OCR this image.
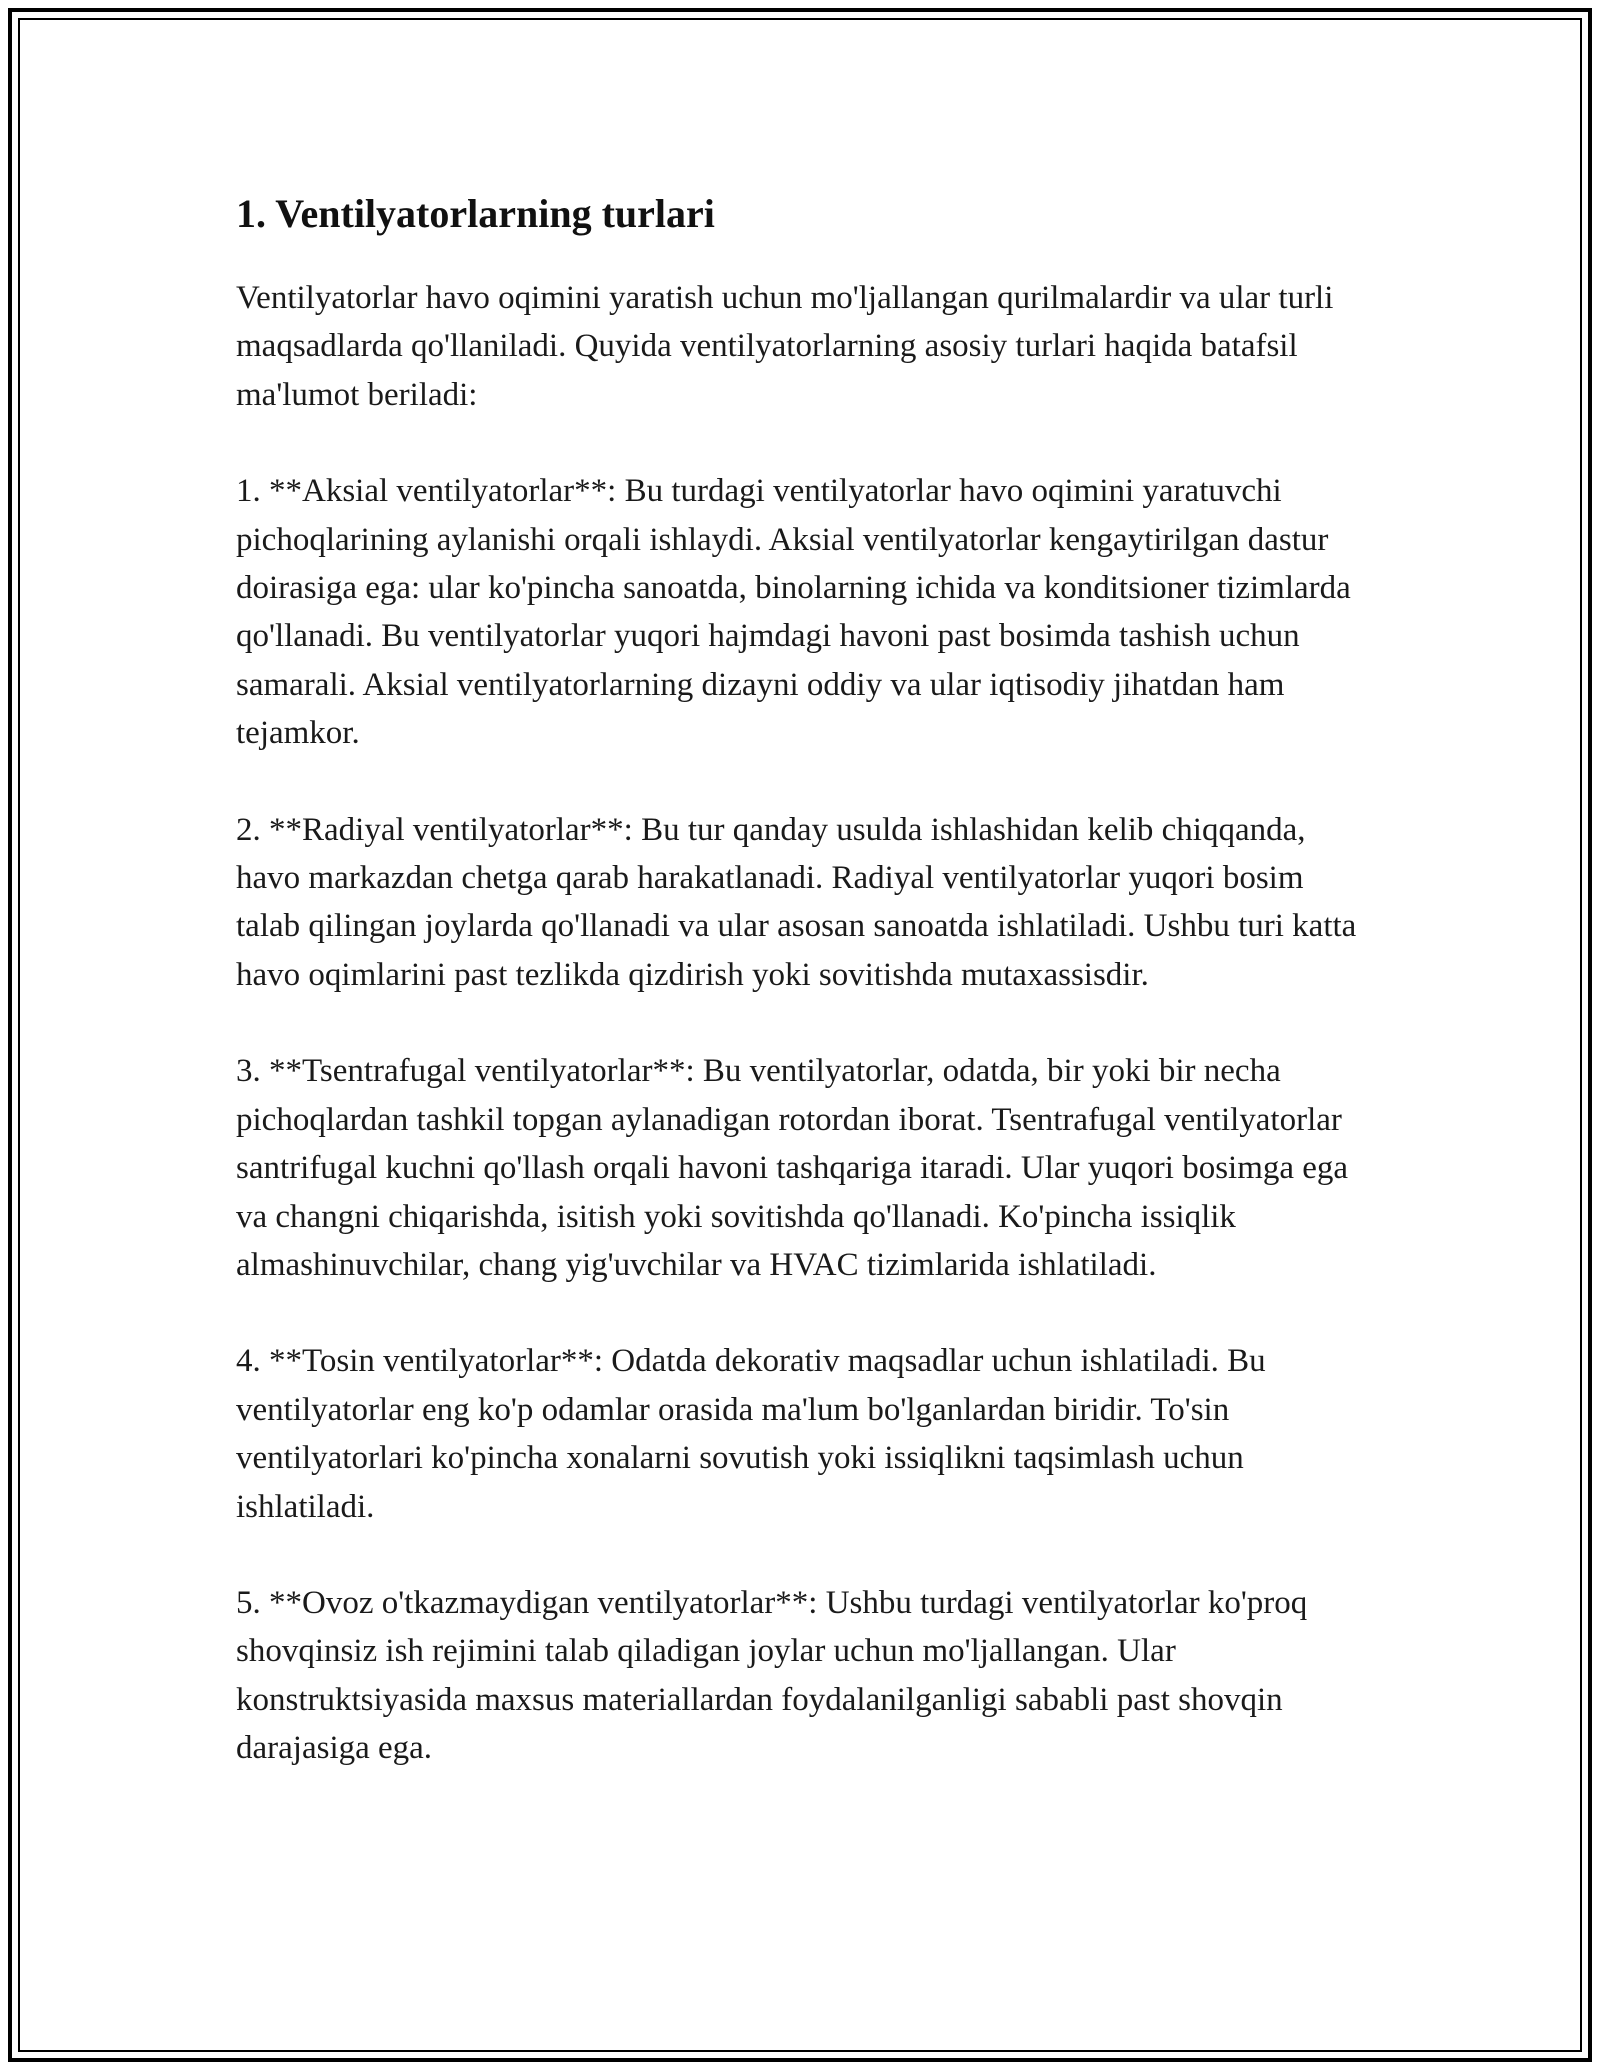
1. Ventilyatorlarning turlari

Ventilyatorlar havo oqimini yaratish uchun mo'ljallangan qurilmalardir va ular turli maqsadlarda qo'llaniladi. Quyida ventilyatorlarning asosiy turlari haqida batafsil ma'lumot beriladi:

1. **Aksial ventilyatorlar**: Bu turdagi ventilyatorlar havo oqimini yaratuvchi pichoqlarining aylanishi orqali ishlaydi. Aksial ventilyatorlar kengaytirilgan dastur doirasiga ega: ular ko'pincha sanoatda, binolarning ichida va konditsioner tizimlarda qo'llanadi. Bu ventilyatorlar yuqori hajmdagi havoni past bosimda tashish uchun samarali. Aksial ventilyatorlarning dizayni oddiy va ular iqtisodiy jihatdan ham tejamkor.

2. **Radiyal ventilyatorlar**: Bu tur qanday usulda ishlashidan kelib chiqqanda, havo markazdan chetga qarab harakatlanadi. Radiyal ventilyatorlar yuqori bosim talab qilingan joylarda qo'llanadi va ular asosan sanoatda ishlatiladi. Ushbu turi katta havo oqimlarini past tezlikda qizdirish yoki sovitishda mutaxassisdir.

3. **Tsentrafugal ventilyatorlar**: Bu ventilyatorlar, odatda, bir yoki bir necha pichoqlardan tashkil topgan aylanadigan rotordan iborat. Tsentrafugal ventilyatorlar santrifugal kuchni qo'llash orqali havoni tashqariga itaradi. Ular yuqori bosimga ega va changni chiqarishda, isitish yoki sovitishda qo'llanadi. Ko'pincha issiqlik almashinuvchilar, chang yig'uvchilar va HVAC tizimlarida ishlatiladi.

4. **Tosin ventilyatorlar**: Odatda dekorativ maqsadlar uchun ishlatiladi. Bu ventilyatorlar eng ko'p odamlar orasida ma'lum bo'lganlardan biridir. To'sin ventilyatorlari ko'pincha xonalarni sovutish yoki issiqlikni taqsimlash uchun ishlatiladi.

5. **Ovoz o'tkazmaydigan ventilyatorlar**: Ushbu turdagi ventilyatorlar ko'proq shovqinsiz ish rejimini talab qiladigan joylar uchun mo'ljallangan. Ular konstruktsiyasida maxsus materiallardan foydalanilganligi sababli past shovqin darajasiga ega.
